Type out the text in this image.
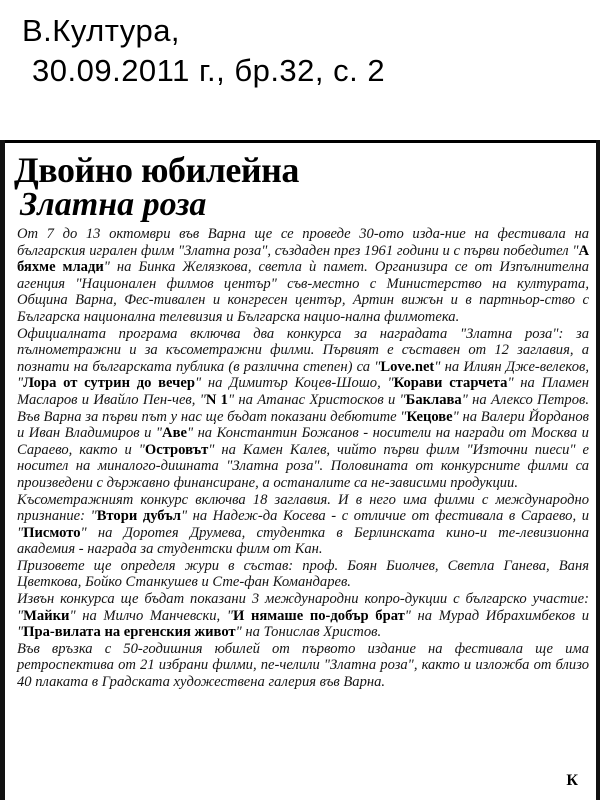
В.Култура,
30.09.2011 г., бр.32, с. 2
Двойно юбилейна
Златна роза

От 7 до 13 октомври във Варна ще се проведе 30-ото изда-ние на фестивала на българския игрален филм "Златна роза", създаден през 1961 години и с първи победител "А бяхме млади" на Бинка Желязкова, светла ѝ памет. Организира се от Изпълнителна агенция "Национален филмов център" съв-местно с Министерство на културата, Община Варна, Фес-тивален и конгресен център, Артин вижън и в партньор-ство с Българска национална телевизия и Българска нацио-нална филмотека.

Официалната програма включва два конкурса за наградата "Златна роза": за пълнометражни и за късометражни филми. Първият е съставен от 12 заглавия, а познати на българската публика (в различна степен) са "Love.net" на Илиян Дже-велеков, "Лора от сутрин до вечер" на Димитър Коцев-Шошо, "Корави старчета" на Пламен Масларов и Ивайло Пен-чев, "N 1" на Атанас Христосков и "Баклава" на Алексо Петров. Във Варна за първи път у нас ще бъдат показани дебютите "Кецове" на Валери Йорданов и Иван Владимиров и "Аве" на Константин Божанов - носители на награди от Москва и Сараево, както и "Островът" на Камен Калев, чийто първи филм "Източни пиеси" е носител на миналого-дишната "Златна роза". Половината от конкурсните филми са произведени с държавно финансиране, а останалите са не-зависими продукции.

Късометражният конкурс включва 18 заглавия. И в него има филми с международно признание: "Втори дубъл" на Надеж-да Косева - с отличие от фестивала в Сараево, и "Писмото" на Доротея Друмева, студентка в Берлинската кино-и те-левизионна академия - награда за студентски филм от Кан.

Призовете ще определя жури в състав: проф. Боян Биолчев, Светла Ганева, Ваня Цветкова, Бойко Станкушев и Сте-фан Командарев.

Извън конкурса ще бъдат показани 3 международни копро-дукции с българско участие: "Майки" на Милчо Манчевски, "И нямаше по-добър брат" на Мурад Ибрахимбеков и "Пра-вилата на ергенския живот" на Тонислав Христов.

Във връзка с 50-годишния юбилей от първото издание на фестивала ще има ретроспектива от 21 избрани филми, пе-челили "Златна роза", както и изложба от близо 40 плаката в Градската художествена галерия във Варна.

К
